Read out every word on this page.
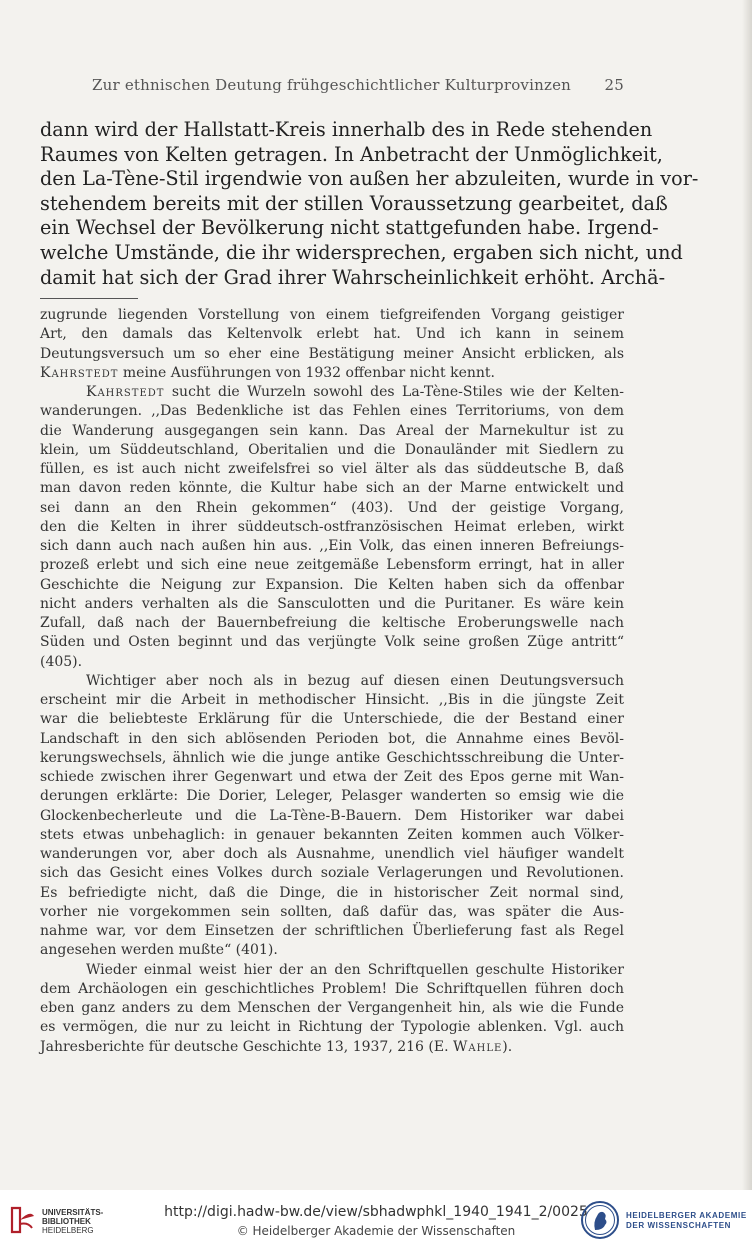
Zur ethnischen Deutung frühgeschichtlicher Kulturprovinzen 25
dann wird der Hallstatt-Kreis innerhalb des in Rede stehenden
Raumes von Kelten getragen. In Anbetracht der Unmöglichkeit,
den La-Tène-Stil irgendwie von außen her abzuleiten, wurde in vor-
stehendem bereits mit der stillen Voraussetzung gearbeitet, daß
ein Wechsel der Bevölkerung nicht stattgefunden habe. Irgend-
welche Umstände, die ihr widersprechen, ergaben sich nicht, und
damit hat sich der Grad ihrer Wahrscheinlichkeit erhöht. Archä-
zugrunde liegenden Vorstellung von einem tiefgreifenden Vorgang geistiger
Art, den damals das Keltenvolk erlebt hat. Und ich kann in seinem
Deutungsversuch um so eher eine Bestätigung meiner Ansicht erblicken, als
Kahrstedt meine Ausführungen von 1932 offenbar nicht kennt.
Kahrstedt sucht die Wurzeln sowohl des La-Tène-Stiles wie der Kelten-
wanderungen. ,,Das Bedenkliche ist das Fehlen eines Territoriums, von dem
die Wanderung ausgegangen sein kann. Das Areal der Marnekultur ist zu
klein, um Süddeutschland, Oberitalien und die Donauländer mit Siedlern zu
füllen, es ist auch nicht zweifelsfrei so viel älter als das süddeutsche B, daß
man davon reden könnte, die Kultur habe sich an der Marne entwickelt und
sei dann an den Rhein gekommen“ (403). Und der geistige Vorgang,
den die Kelten in ihrer süddeutsch-ostfranzösischen Heimat erleben, wirkt
sich dann auch nach außen hin aus. ,,Ein Volk, das einen inneren Befreiungs-
prozeß erlebt und sich eine neue zeitgemäße Lebensform erringt, hat in aller
Geschichte die Neigung zur Expansion. Die Kelten haben sich da offenbar
nicht anders verhalten als die Sansculotten und die Puritaner. Es wäre kein
Zufall, daß nach der Bauernbefreiung die keltische Eroberungswelle nach
Süden und Osten beginnt und das verjüngte Volk seine großen Züge antritt“
(405).
Wichtiger aber noch als in bezug auf diesen einen Deutungsversuch
erscheint mir die Arbeit in methodischer Hinsicht. ,,Bis in die jüngste Zeit
war die beliebteste Erklärung für die Unterschiede, die der Bestand einer
Landschaft in den sich ablösenden Perioden bot, die Annahme eines Bevöl-
kerungswechsels, ähnlich wie die junge antike Geschichtsschreibung die Unter-
schiede zwischen ihrer Gegenwart und etwa der Zeit des Epos gerne mit Wan-
derungen erklärte: Die Dorier, Leleger, Pelasger wanderten so emsig wie die
Glockenbecherleute und die La-Tène-B-Bauern. Dem Historiker war dabei
stets etwas unbehaglich: in genauer bekannten Zeiten kommen auch Völker-
wanderungen vor, aber doch als Ausnahme, unendlich viel häufiger wandelt
sich das Gesicht eines Volkes durch soziale Verlagerungen und Revolutionen.
Es befriedigte nicht, daß die Dinge, die in historischer Zeit normal sind,
vorher nie vorgekommen sein sollten, daß dafür das, was später die Aus-
nahme war, vor dem Einsetzen der schriftlichen Überlieferung fast als Regel
angesehen werden mußte“ (401).
Wieder einmal weist hier der an den Schriftquellen geschulte Historiker
dem Archäologen ein geschichtliches Problem! Die Schriftquellen führen doch
eben ganz anders zu dem Menschen der Vergangenheit hin, als wie die Funde
es vermögen, die nur zu leicht in Richtung der Typologie ablenken. Vgl. auch
Jahresberichte für deutsche Geschichte 13, 1937, 216 (E. Wahle).
UNIVERSITÄTS-
BIBLIOTHEK
HEIDELBERG
http://digi.hadw-bw.de/view/sbhadwphkl_1940_1941_2/0025
© Heidelberger Akademie der Wissenschaften
HEIDELBERGER AKADEMIE
DER WISSENSCHAFTEN
